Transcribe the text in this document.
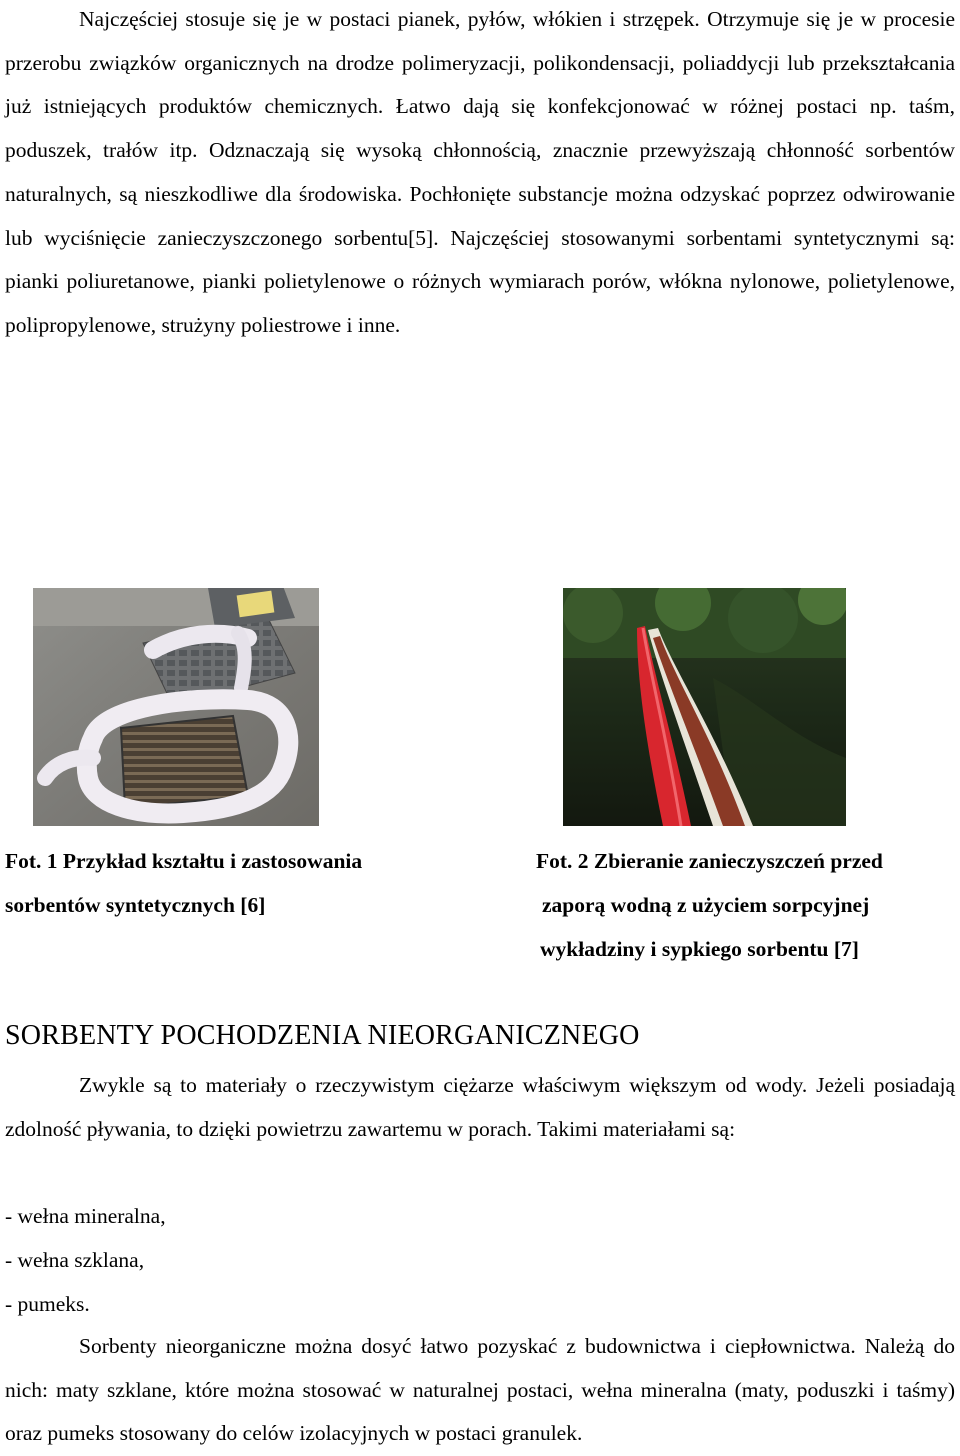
Najczęściej stosuje się je w postaci pianek, pyłów, włókien i strzępek. Otrzymuje się je w procesie przerobu związków organicznych na drodze polimeryzacji, polikondensacji, poliaddycji lub przekształcania już istniejących produktów chemicznych. Łatwo dają się konfekcjonować w różnej postaci np. taśm, poduszek, trałów itp. Odznaczają się wysoką chłonnością, znacznie przewyższają chłonność sorbentów naturalnych, są nieszkodliwe dla środowiska. Pochłonięte substancje można odzyskać poprzez odwirowanie lub wyciśnięcie zanieczyszczonego sorbentu[5]. Najczęściej stosowanymi sorbentami syntetycznymi są: pianki poliuretanowe, pianki polietylenowe o różnych wymiarach porów, włókna nylonowe, polietylenowe, polipropylenowe, strużyny poliestrowe i inne.

Fot. 1 Przykład kształtu i zastosowania

sorbentów syntetycznych [6]

Fot. 2 Zbieranie zanieczyszczeń przed

zaporą wodną z użyciem sorpcyjnej

wykładziny i sypkiego sorbentu [7]

SORBENTY POCHODZENIA NIEORGANICZNEGO

Zwykle są to materiały o rzeczywistym ciężarze właściwym większym od wody. Jeżeli posiadają zdolność pływania, to dzięki powietrzu zawartemu w porach. Takimi materiałami są:

- wełna mineralna,

- wełna szklana,

- pumeks.

Sorbenty nieorganiczne można dosyć łatwo pozyskać z budownictwa i ciepłownictwa. Należą do nich: maty szklane, które można stosować w naturalnej postaci, wełna mineralna (maty, poduszki i taśmy) oraz pumeks stosowany do celów izolacyjnych w postaci granulek.
